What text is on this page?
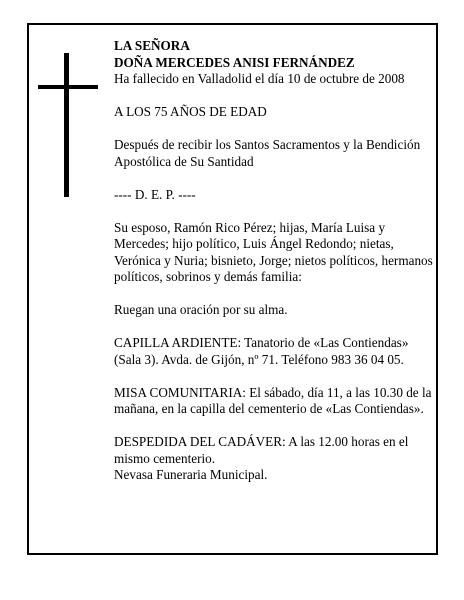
LA SEÑORA
DOÑA MERCEDES ANISI FERNÁNDEZ
Ha fallecido en Valladolid el día 10 de octubre de 2008

A LOS 75 AÑOS DE EDAD

Después de recibir los Santos Sacramentos y la Bendición Apostólica de Su Santidad

---- D. E. P. ----

Su esposo, Ramón Rico Pérez; hijas, María Luisa y Mercedes; hijo político, Luis Ángel Redondo; nietas, Verónica y Nuria; bisnieto, Jorge; nietos políticos, hermanos políticos, sobrinos y demás familia:

Ruegan una oración por su alma.

CAPILLA ARDIENTE: Tanatorio de «Las Contiendas» (Sala 3). Avda. de Gijón, nº 71. Teléfono 983 36 04 05.

MISA COMUNITARIA: El sábado, día 11, a las 10.30 de la mañana, en la capilla del cementerio de «Las Contiendas».

DESPEDIDA DEL CADÁVER: A las 12.00 horas en el mismo cementerio.
Nevasa Funeraria Municipal.
